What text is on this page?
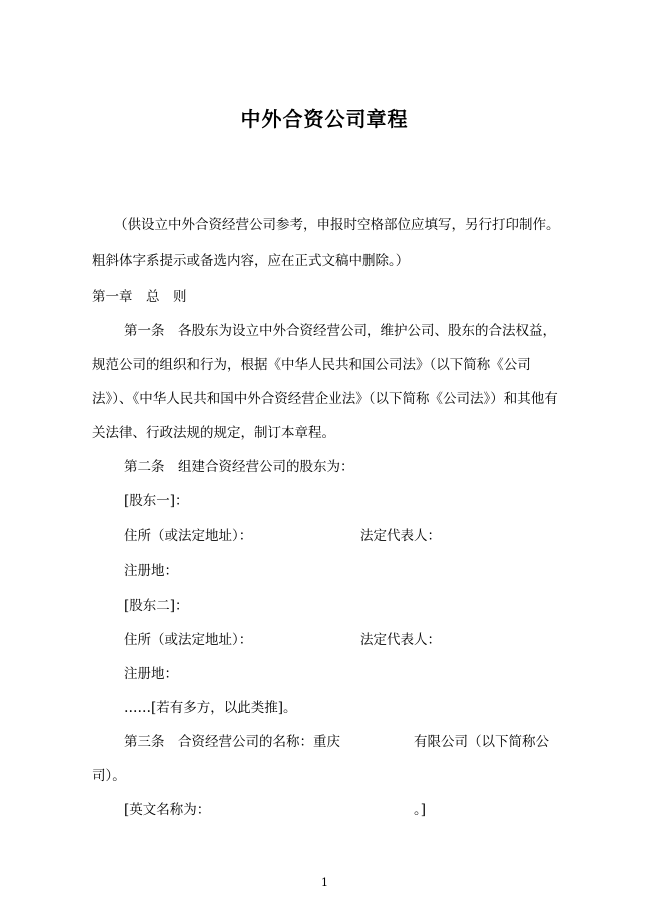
中外合资公司章程
（供设立中外合资经营公司参考，申报时空格部位应填写，另行打印制作。
粗斜体字系提示或备选内容，应在正式文稿中删除。）
第一章　总　则
第一条　各股东为设立中外合资经营公司，维护公司、股东的合法权益，
规范公司的组织和行为，根据《中华人民共和国公司法》（以下简称《公司
法》）、《中华人民共和国中外合资经营企业法》（以下简称《公司法》）和其他有
关法律、行政法规的规定，制订本章程。
第二条　组建合资经营公司的股东为：
[股东一]：
住所（或法定地址）：	法定代表人：
注册地：
[股东二]：
住所（或法定地址）：	法定代表人：
注册地：
……[若有多方，以此类推]。
第三条　合资经营公司的名称：重庆	有限公司（以下简称公
司）。
[英文名称为：	。]
1
